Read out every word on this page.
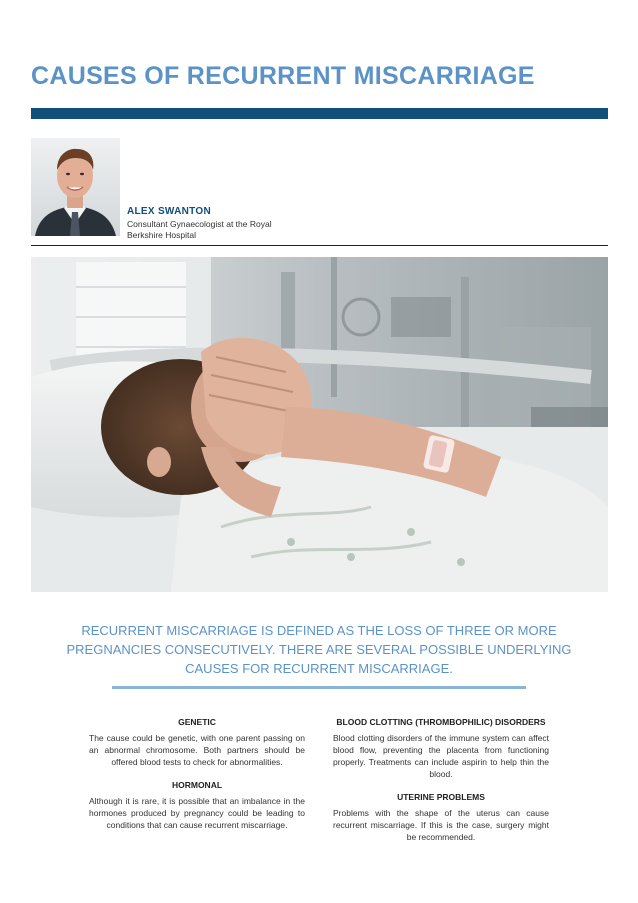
CAUSES OF RECURRENT MISCARRIAGE
ALEX SWANTON
Consultant Gynaecologist at the Royal Berkshire Hospital

RECURRENT MISCARRIAGE IS DEFINED AS THE LOSS OF THREE OR MORE PREGNANCIES CONSECUTIVELY. THERE ARE SEVERAL POSSIBLE UNDERLYING CAUSES FOR RECURRENT MISCARRIAGE.

GENETIC

The cause could be genetic, with one parent passing on an abnormal chromosome. Both partners should be offered blood tests to check for abnormalities.

HORMONAL

Although it is rare, it is possible that an imbalance in the hormones produced by pregnancy could be leading to conditions that can cause recurrent miscarriage.

BLOOD CLOTTING (THROMBOPHILIC) DISORDERS

Blood clotting disorders of the immune system can affect blood flow, preventing the placenta from functioning properly. Treatments can include aspirin to help thin the blood.

UTERINE PROBLEMS

Problems with the shape of the uterus can cause recurrent miscarriage. If this is the case, surgery might be recommended.
